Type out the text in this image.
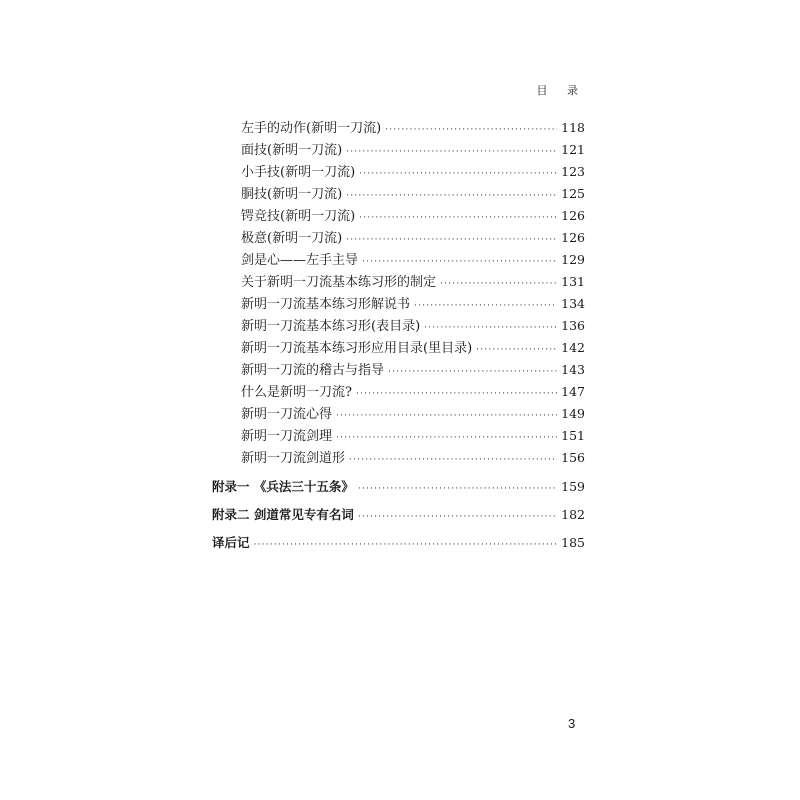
目 录
左手的动作(新明一刀流) ·····	118
面技(新明一刀流) ·····	121
小手技(新明一刀流) ·····	123
胴技(新明一刀流) ·····	125
锷竞技(新明一刀流) ·····	126
极意(新明一刀流) ·····	126
剑是心——左手主导 ·····	129
关于新明一刀流基本练习形的制定 ·····	131
新明一刀流基本练习形解说书 ·····	134
新明一刀流基本练习形(表目录) ·····	136
新明一刀流基本练习形应用目录(里目录) ·····	142
新明一刀流的稽古与指导 ·····	143
什么是新明一刀流? ·····	147
新明一刀流心得 ·····	149
新明一刀流剑理 ·····	151
新明一刀流剑道形 ·····	156
附录一 《兵法三十五条》 ·····	159
附录二 剑道常见专有名词 ·····	182
译后记 ·····	185
3
